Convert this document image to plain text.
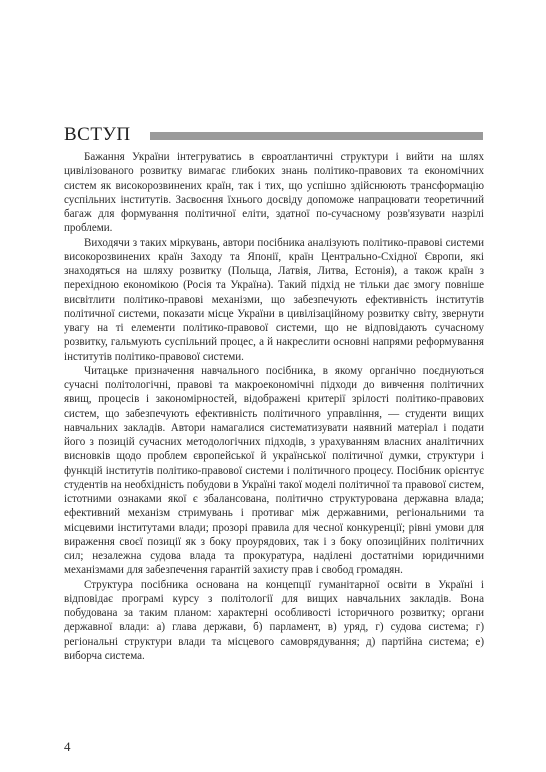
ВСТУП

Бажання України інтегруватись в євроатлантичні структури і вийти на шлях цивілізованого розвитку вимагає глибоких знань політико-правових та економічних систем як високорозвинених країн, так і тих, що успішно здійснюють трансформацію суспільних інститутів. Засвоєння їхнього досвіду допоможе напрацювати теоретичний багаж для формування політичної еліти, здатної по-сучасному розв'язувати назрілі проблеми.

Виходячи з таких міркувань, автори посібника аналізують політико-правові системи високорозвинених країн Заходу та Японії, країн Центрально-Східної Європи, які знаходяться на шляху розвитку (Польща, Латвія, Литва, Естонія), а також країн з перехідною економікою (Росія та Україна). Такий підхід не тільки дає змогу повніше висвітлити політико-правові механізми, що забезпечують ефективність інститутів політичної системи, показати місце України в цивілізаційному розвитку світу, звернути увагу на ті елементи політико-правової системи, що не відповідають сучасному розвитку, гальмують суспільний процес, а й накреслити основні напрями реформування інститутів політико-правової системи.

Читацьке призначення навчального посібника, в якому органічно поєднуються сучасні політологічні, правові та макроекономічні підходи до вивчення політичних явищ, процесів і закономірностей, відображені критерії зрілості політико-правових систем, що забезпечують ефективність політичного управління, — студенти вищих навчальних закладів. Автори намагалися систематизувати наявний матеріал і подати його з позицій сучасних методологічних підходів, з урахуванням власних аналітичних висновків щодо проблем європейської й української політичної думки, структури і функцій інститутів політико-правової системи і політичного процесу. Посібник орієнтує студентів на необхідність побудови в Україні такої моделі політичної та правової систем, істотними ознаками якої є збалансована, політично структурована державна влада; ефективний механізм стримувань і противаг між державними, регіональними та місцевими інститутами влади; прозорі правила для чесної конкуренції; рівні умови для вираження своєї позиції як з боку проурядових, так і з боку опозиційних політичних сил; незалежна судова влада та прокуратура, наділені достатніми юридичними механізмами для забезпечення гарантій захисту прав і свобод громадян.

Структура посібника основана на концепції гуманітарної освіти в Україні і відповідає програмі курсу з політології для вищих навчальних закладів. Вона побудована за таким планом: характерні особливості історичного розвитку; органи державної влади: а) глава держави, б) парламент, в) уряд, г) судова система; г) регіональні структури влади та місцевого самоврядування; д) партійна система; е) виборча система.

4
